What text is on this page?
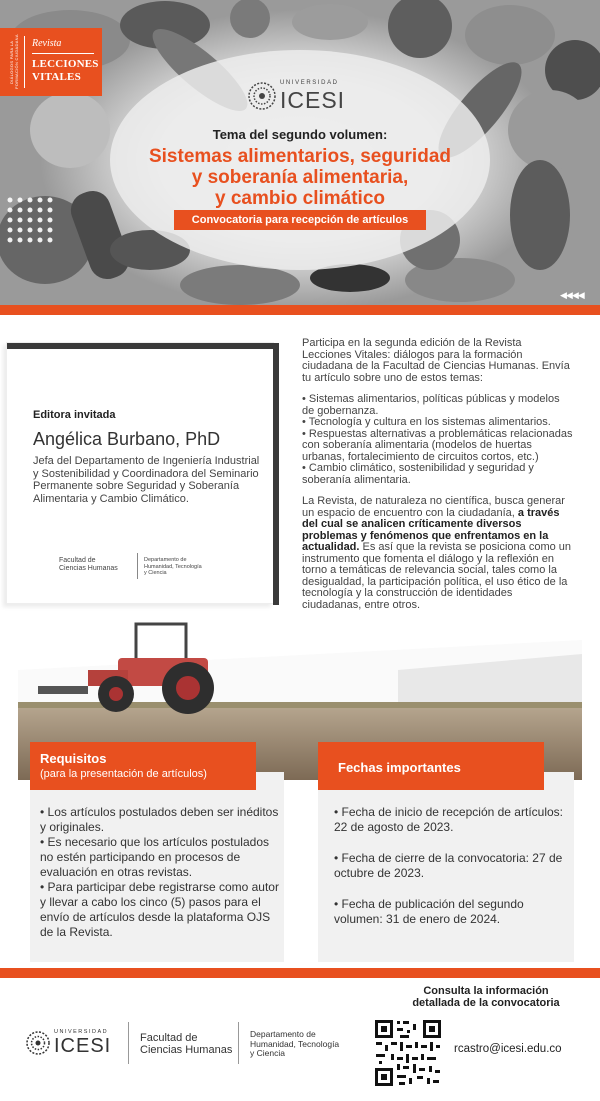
DIÁLOGOS PARA LA FORMACIÓN CIUDADANA Revista
LECCIONES
VITALES	UNIVERSIDAD
ICESI
Tema del segundo volumen:
Sistemas alimentarios, seguridad
y soberanía alimentaria,
y cambio climático
Convocatoria para recepción de artículos
◀◀◀◀
Editora invitada
Angélica Burbano, PhD
Jefa del Departamento de Ingeniería Industrial y Sostenibilidad y Coordinadora del Seminario Permanente sobre Seguridad y Soberanía Alimentaria y Cambio Climático.
Facultad de
Ciencias Humanas
Departamento de
Humanidad, Tecnología
y Ciencia

Participa en la segunda edición de la Revista Lecciones Vitales: diálogos para la formación ciudadana de la Facultad de Ciencias Humanas. Envía tu artículo sobre uno de estos temas:

• Sistemas alimentarios, políticas públicas y modelos de gobernanza.
• Tecnología y cultura en los sistemas alimentarios.
• Respuestas alternativas a problemáticas relacionadas con soberanía alimentaria (modelos de huertas urbanas, fortalecimiento de circuitos cortos, etc.)
• Cambio climático, sostenibilidad y seguridad y soberanía alimentaria.

La Revista, de naturaleza no científica, busca generar un espacio de encuentro con la ciudadanía, a través del cual se analicen críticamente diversos problemas y fenómenos que enfrentamos en la actualidad. Es así que la revista se posiciona como un instrumento que fomenta el diálogo y la reflexión en torno a temáticas de relevancia social, tales como la desigualdad, la participación política, el uso ético de la tecnología y la construcción de identidades ciudadanas, entre otros.

Requisitos
(para la presentación de artículos)
• Los artículos postulados deben ser inéditos y originales.
• Es necesario que los artículos postulados no estén participando en procesos de evaluación en otras revistas.
• Para participar debe registrarse como autor y llevar a cabo los cinco (5) pasos para el envío de artículos desde la plataforma OJS de la Revista.
Fechas importantes

• Fecha de inicio de recepción de artículos: 22 de agosto de 2023.

• Fecha de cierre de la convocatoria: 27 de octubre de 2023.

• Fecha de publicación del segundo volumen: 31 de enero de 2024.

Consulta la información
detallada de la convocatoria
UNIVERSIDAD
ICESI	Facultad de
Ciencias Humanas
Departamento de
Humanidad, Tecnología
y Ciencia	rcastro@icesi.edu.co
